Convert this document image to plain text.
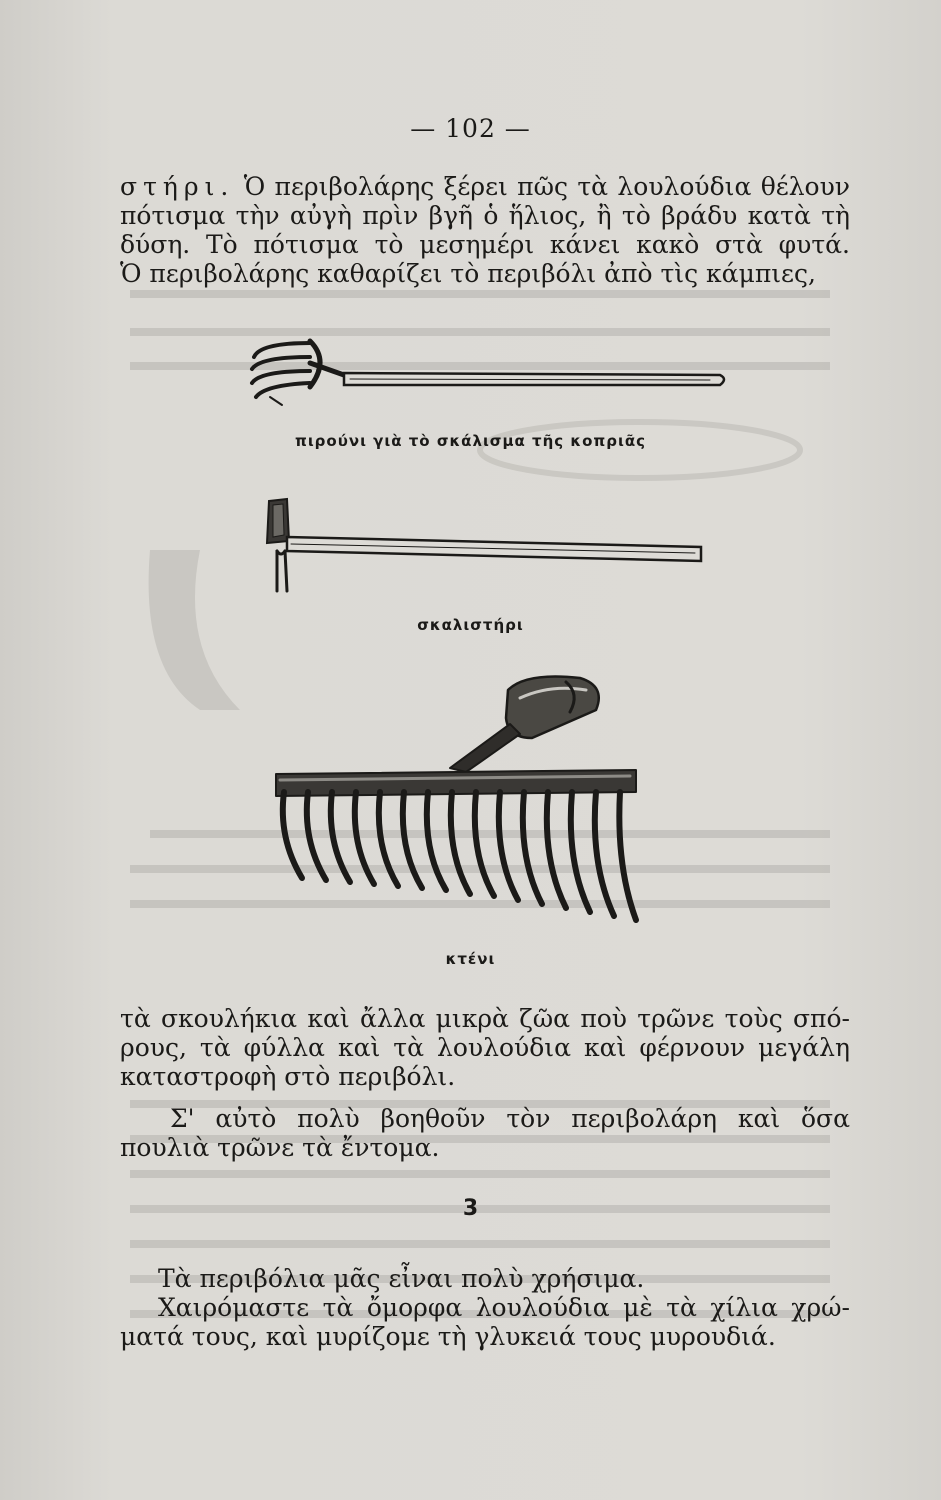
— 102 —
στήρι. Ὁ περιβολάρης ξέρει πῶς τὰ λουλούδια θέλουν
πότισμα τὴν αὐγὴ πρὶν βγῆ ὁ ἥλιος, ἢ τὸ βράδυ κατὰ τὴ
δύση. Τὸ πότισμα τὸ μεσημέρι κάνει κακὸ στὰ φυτά.
Ὁ περιβολάρης καθαρίζει τὸ περιβόλι ἀπὸ τὶς κάμπιες,
πιρούνι γιὰ τὸ σκάλισμα τῆς κοπριᾶς
σκαλιστήρι
κτένι
τὰ σκουλήκια καὶ ἄλλα μικρὰ ζῶα ποὺ τρῶνε τοὺς σπό-
ρους, τὰ φύλλα καὶ τὰ λουλούδια καὶ φέρνουν μεγάλη
καταστροφὴ στὸ περιβόλι.
Σ' αὐτὸ πολὺ βοηθοῦν τὸν περιβολάρη καὶ ὅσα
πουλιὰ τρῶνε τὰ ἔντομα.
3
Τὰ περιβόλια μᾶς εἶναι πολὺ χρήσιμα.
Χαιρόμαστε τὰ ὄμορφα λουλούδια μὲ τὰ χίλια χρώ-
ματά τους, καὶ μυρίζομε τὴ γλυκειά τους μυρουδιά.
